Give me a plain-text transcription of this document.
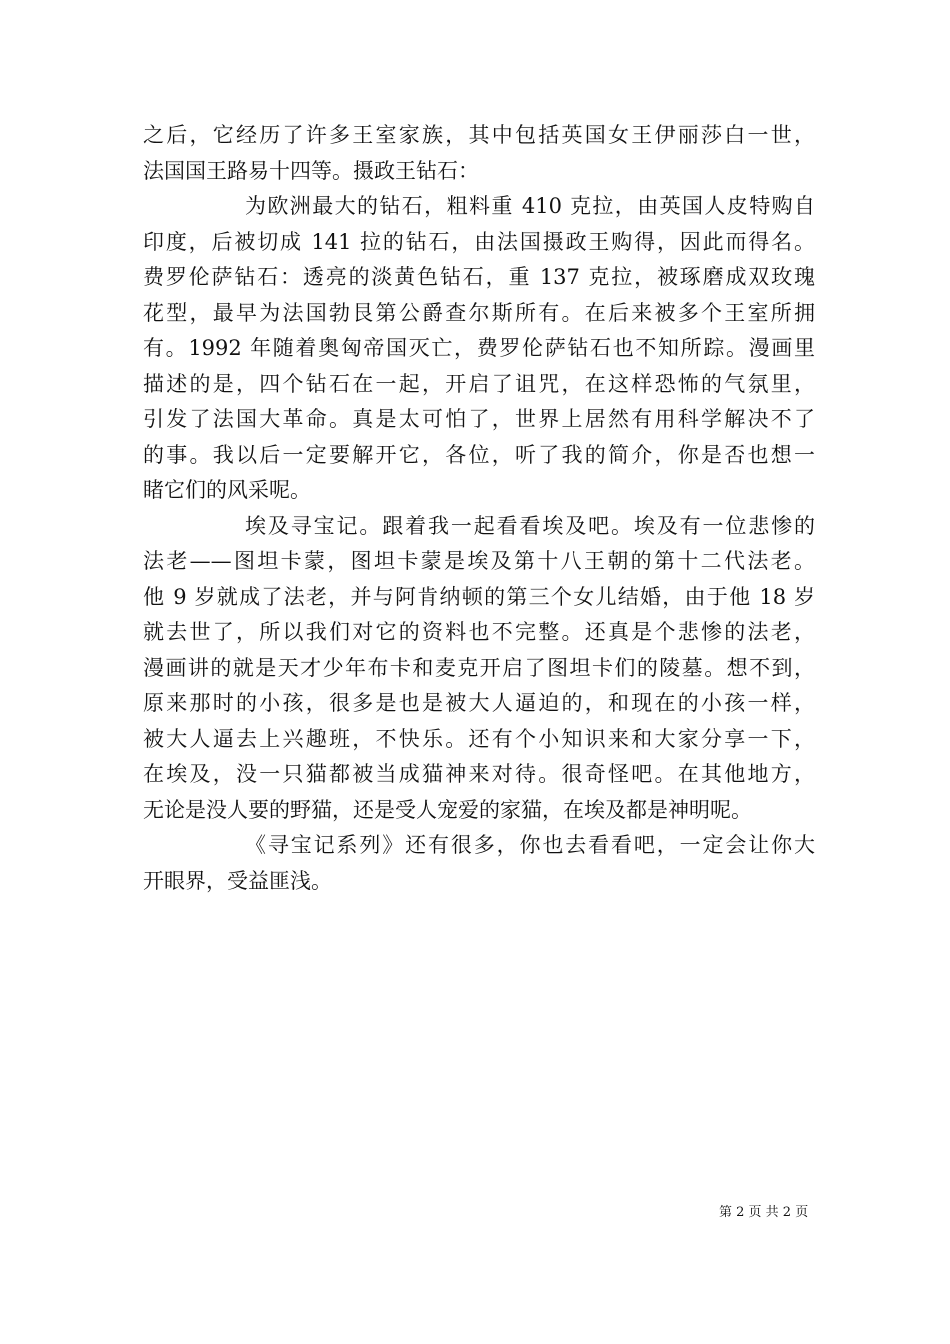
之后，它经历了许多王室家族，其中包括英国女王伊丽莎白一世，
法国国王路易十四等。摄政王钻石：
为欧洲最大的钻石，粗料重 410 克拉，由英国人皮特购自
印度，后被切成 141 拉的钻石，由法国摄政王购得，因此而得名。
费罗伦萨钻石：透亮的淡黄色钻石，重 137 克拉，被琢磨成双玫瑰
花型，最早为法国勃艮第公爵查尔斯所有。在后来被多个王室所拥
有。1992 年随着奥匈帝国灭亡，费罗伦萨钻石也不知所踪。漫画里
描述的是，四个钻石在一起，开启了诅咒，在这样恐怖的气氛里，
引发了法国大革命。真是太可怕了，世界上居然有用科学解决不了
的事。我以后一定要解开它，各位，听了我的简介，你是否也想一
睹它们的风采呢。
埃及寻宝记。跟着我一起看看埃及吧。埃及有一位悲惨的
法老——图坦卡蒙，图坦卡蒙是埃及第十八王朝的第十二代法老。
他 9 岁就成了法老，并与阿肯纳顿的第三个女儿结婚，由于他 18 岁
就去世了，所以我们对它的资料也不完整。还真是个悲惨的法老，
漫画讲的就是天才少年布卡和麦克开启了图坦卡们的陵墓。想不到，
原来那时的小孩，很多是也是被大人逼迫的，和现在的小孩一样，
被大人逼去上兴趣班，不快乐。还有个小知识来和大家分享一下，
在埃及，没一只猫都被当成猫神来对待。很奇怪吧。在其他地方，
无论是没人要的野猫，还是受人宠爱的家猫，在埃及都是神明呢。
《寻宝记系列》还有很多，你也去看看吧，一定会让你大
开眼界，受益匪浅。
第 2 页 共 2 页
